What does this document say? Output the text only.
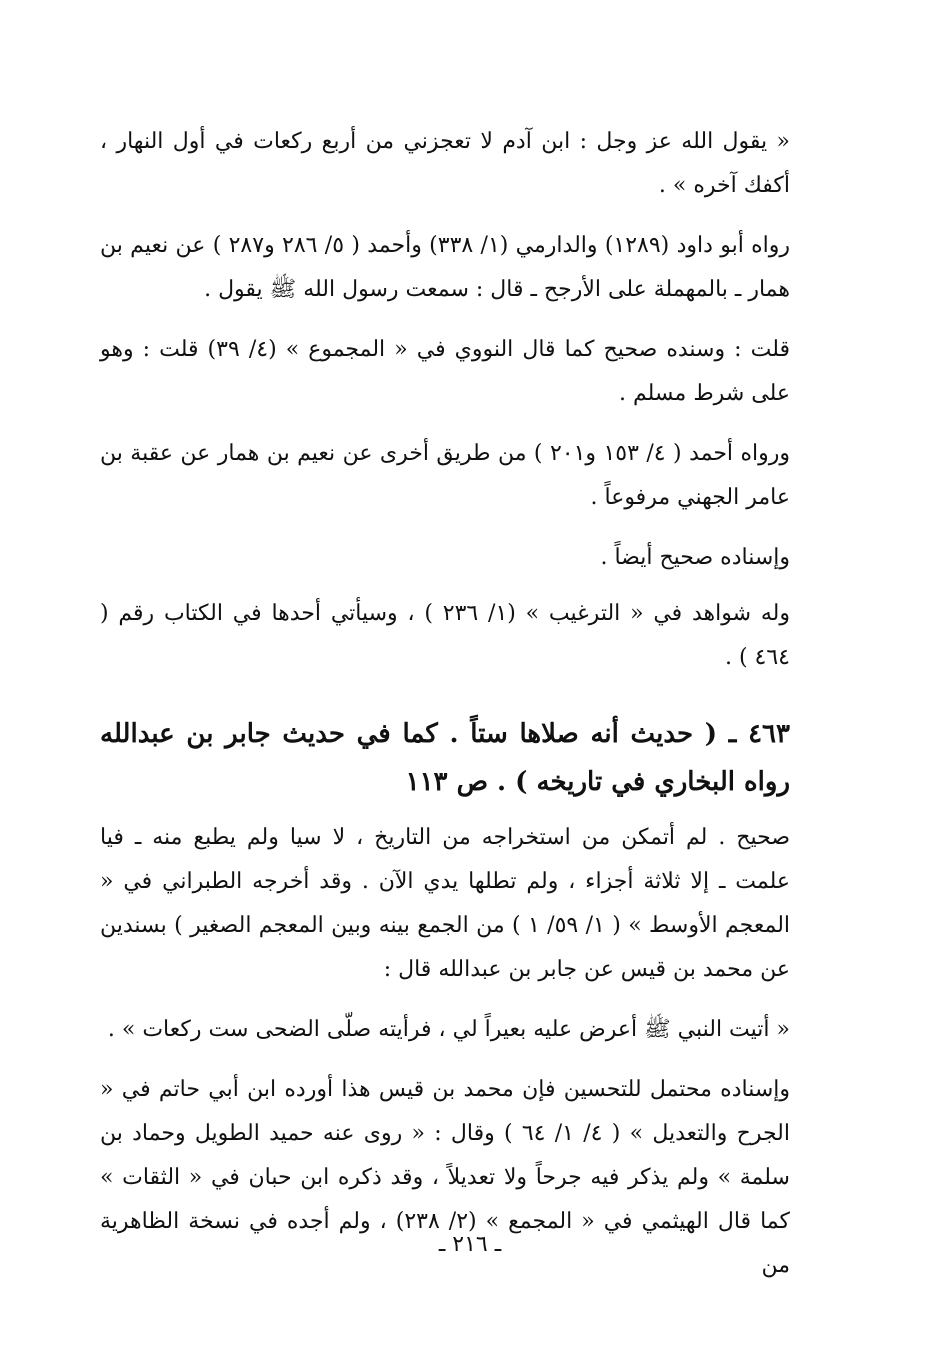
« يقول الله عز وجل : ابن آدم لا تعجزني من أربع ركعات في أول النهار ، أكفك آخره » .

رواه أبو داود (١٢٨٩) والدارمي (١/ ٣٣٨) وأحمد ( ٥/ ٢٨٦ و٢٨٧ ) عن نعيم بن همار ـ بالمهملة على الأرجح ـ قال : سمعت رسول الله ﷺ يقول .

قلت : وسنده صحيح كما قال النووي في « المجموع » (٤/ ٣٩) قلت : وهو على شرط مسلم .

ورواه أحمد ( ٤/ ١٥٣ و٢٠١ ) من طريق أخرى عن نعيم بن همار عن عقبة بن عامر الجهني مرفوعاً .

وإسناده صحيح أيضاً .

وله شواهد في « الترغيب » (١/ ٢٣٦ ) ، وسيأتي أحدها في الكتاب رقم ( ٤٦٤ ) .

٤٦٣ ـ ( حديث أنه صلاها ستاً . كما في حديث جابر بن عبدالله رواه البخاري في تاريخه ) . ص ١١٣

صحيح . لم أتمكن من استخراجه من التاريخ ، لا سيا ولم يطبع منه ـ فيا علمت ـ إلا ثلاثة أجزاء ، ولم تطلها يدي الآن . وقد أخرجه الطبراني في « المعجم الأوسط » ( ١/ ٥٩/ ١ ) من الجمع بينه وبين المعجم الصغير ) بسندين عن محمد بن قيس عن جابر بن عبدالله قال :

« أتيت النبي ﷺ أعرض عليه بعيراً لي ، فرأيته صلّى الضحى ست ركعات » .

وإسناده محتمل للتحسين فإن محمد بن قيس هذا أورده ابن أبي حاتم في « الجرح والتعديل » ( ٤/ ١/ ٦٤ ) وقال : « روى عنه حميد الطويل وحماد بن سلمة » ولم يذكر فيه جرحاً ولا تعديلاً ، وقد ذكره ابن حبان في « الثقات » كما قال الهيثمي في « المجمع » (٢/ ٢٣٨) ، ولم أجده في نسخة الظاهرية من

ـ ٢١٦ ـ
